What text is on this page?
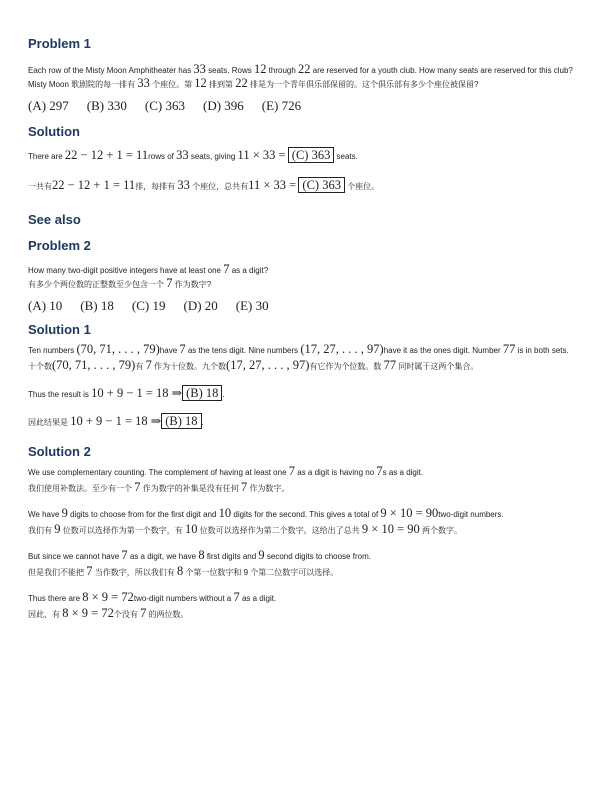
Problem 1

Each row of the Misty Moon Amphitheater has 33 seats. Rows 12 through 22 are reserved for a youth club. How many seats are reserved for this club?

Misty Moon 歌剧院的每一排有 33 个座位。第 12 排到第 22 排是为一个青年俱乐部保留的。这个俱乐部有多少个座位被保留?

(A) 297 (B) 330 (C) 363 (D) 396 (E) 726
Solution

There are 22 − 12 + 1 = 11rows of 33 seats, giving 11 × 33 = (C) 363 seats.

一共有22 − 12 + 1 = 11排，每排有 33 个座位，总共有11 × 33 = (C) 363 个座位。

See also
Problem 2

How many two-digit positive integers have at least one 7 as a digit?

有多少个两位数的正整数至少包含一个 7 作为数字?

(A) 10 (B) 18 (C) 19 (D) 20 (E) 30
Solution 1

Ten numbers (70, 71, . . . , 79)have 7 as the tens digit. Nine numbers (17, 27, . . . , 97)have it as the ones digit. Number 77 is in both sets.

十个数(70, 71, . . . , 79)有 7 作为十位数。九个数(17, 27, . . . , 97)有它作为个位数。数 77 同时属于这两个集合。

Thus the result is 10 + 9 − 1 = 18 ⇒ (B) 18 .

因此结果是 10 + 9 − 1 = 18 ⇒ (B) 18 .

Solution 2

We use complementary counting. The complement of having at least one 7 as a digit is having no 7s as a digit.

我们使用补数法。至少有一个 7 作为数字的补集是没有任何 7 作为数字。

We have 9 digits to choose from for the first digit and 10 digits for the second. This gives a total of 9 × 10 = 90two-digit numbers.

我们有 9 位数可以选择作为第一个数字，有 10 位数可以选择作为第二个数字。这给出了总共 9 × 10 = 90 两个数字。

But since we cannot have 7 as a digit, we have 8 first digits and 9 second digits to choose from.

但是我们不能把 7 当作数字，所以我们有 8 个第一位数字和 9 个第二位数字可以选择。

Thus there are 8 × 9 = 72two-digit numbers without a 7 as a digit.

因此，有 8 × 9 = 72个没有 7 的两位数。
